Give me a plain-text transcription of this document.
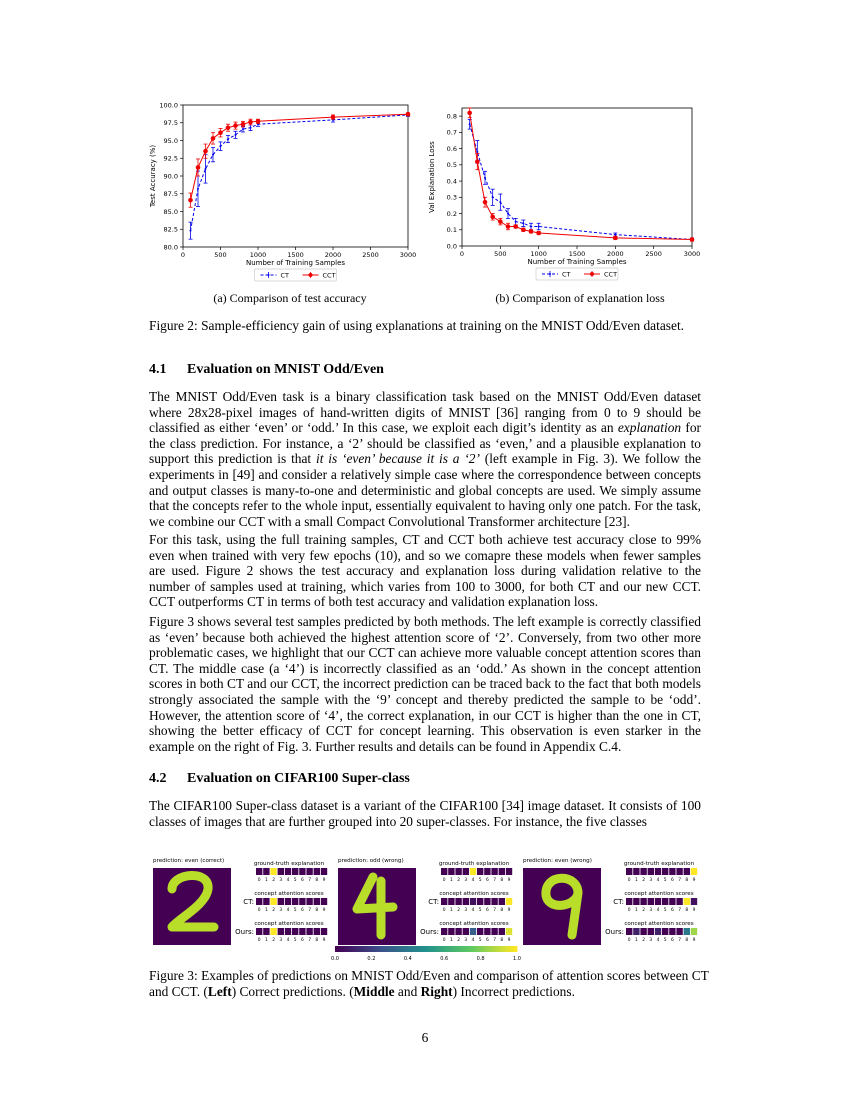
0	500	1000	1500	2000	2500	3000
80.0
82.5
85.0
87.5
90.0
92.5
95.0
97.5
100.0
Number of Training Samples
Test Accuracy (%)
CT	CCT
0	500	1000	1500	2000	2500	3000
0.0
0.1
0.2
0.3
0.4
0.5
0.6
0.7
0.8
Number of Training Samples
Val Explanation Loss
CT	CCT

(a) Comparison of test accuracy	(b) Comparison of explanation loss

Figure 2: Sample-efficiency gain of using explanations at training on the MNIST Odd/Even dataset.

4.1 Evaluation on MNIST Odd/Even

The MNIST Odd/Even task is a binary classification task based on the MNIST Odd/Even dataset where 28x28-pixel images of hand-written digits of MNIST [36] ranging from 0 to 9 should be classified as either ‘even’ or ‘odd.’ In this case, we exploit each digit’s identity as an explanation for the class prediction. For instance, a ‘2’ should be classified as ‘even,’ and a plausible explanation to support this prediction is that it is ‘even’ because it is a ‘2’ (left example in Fig. 3). We follow the experiments in [49] and consider a relatively simple case where the correspondence between concepts and output classes is many-to-one and deterministic and global concepts are used. We simply assume that the concepts refer to the whole input, essentially equivalent to having only one patch. For the task, we combine our CCT with a small Compact Convolutional Transformer architecture [23].

For this task, using the full training samples, CT and CCT both achieve test accuracy close to 99% even when trained with very few epochs (10), and so we comapre these models when fewer samples are used. Figure 2 shows the test accuracy and explanation loss during validation relative to the number of samples used at training, which varies from 100 to 3000, for both CT and our new CCT. CCT outperforms CT in terms of both test accuracy and validation explanation loss.

Figure 3 shows several test samples predicted by both methods. The left example is correctly classified as ‘even’ because both achieved the highest attention score of ‘2’. Conversely, from two other more problematic cases, we highlight that our CCT can achieve more valuable concept attention scores than CT. The middle case (a ‘4’) is incorrectly classified as an ‘odd.’ As shown in the concept attention scores in both CT and our CCT, the incorrect prediction can be traced back to the fact that both models strongly associated the sample with the ‘9’ concept and thereby predicted the sample to be ‘odd’. However, the attention score of ‘4’, the correct explanation, in our CCT is higher than the one in CT, showing the better efficacy of CCT for concept learning. This observation is even starker in the example on the right of Fig. 3. Further results and details can be found in Appendix C.4.

4.2 Evaluation on CIFAR100 Super-class

The CIFAR100 Super-class dataset is a variant of the CIFAR100 [34] image dataset. It consists of 100 classes of images that are further grouped into 20 super-classes. For instance, the five classes

prediction: even (correct)	ground-truth explanation
0 1 2 3 4 5 6 7 8 9
concept attention scores
0 1 2 3 4 5 6 7 8 9
CT:
concept attention scores
0 1 2 3 4 5 6 7 8 9
Ours:
prediction: odd (wrong)	ground-truth explanation
0 1 2 3 4 5 6 7 8 9
concept attention scores
0 1 2 3 4 5 6 7 8 9
CT:
concept attention scores
0 1 2 3 4 5 6 7 8 9
Ours:
prediction: even (wrong)	ground-truth explanation
0 1 2 3 4 5 6 7 8 9
concept attention scores
0 1 2 3 4 5 6 7 8 9
CT:
concept attention scores
0 1 2 3 4 5 6 7 8 9
Ours:
0.0	0.2	0.4	0.6	0.8	1.0

Figure 3: Examples of predictions on MNIST Odd/Even and comparison of attention scores between CT and CCT. (Left) Correct predictions. (Middle and Right) Incorrect predictions.

6
